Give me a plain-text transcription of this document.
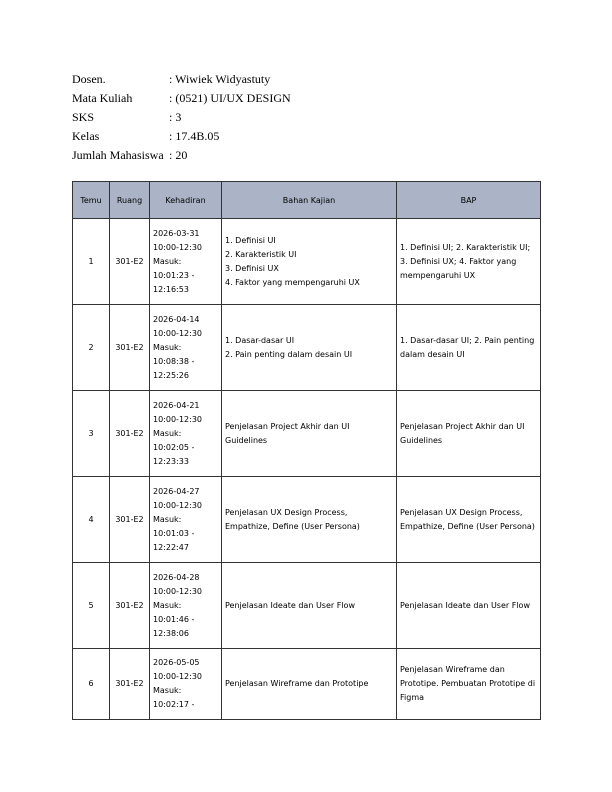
Dosen.	: Wiwiek Widyastuty
Mata Kuliah	: (0521) UI/UX DESIGN
SKS	: 3
Kelas	: 17.4B.05
Jumlah Mahasiswa : 20
Temu	Ruang	Kehadiran	Bahan Kajian	BAP
1	301-E2	2026-03-31
10:00-12:30
Masuk:
10:01:23 -
12:16:53	1. Definisi UI
2. Karakteristik UI
3. Definisi UX
4. Faktor yang mempengaruhi UX	1. Definisi UI; 2. Karakteristik UI; 3. Definisi UX; 4. Faktor yang mempengaruhi UX

2	301-E2	2026-04-14
10:00-12:30
Masuk:
10:08:38 -
12:25:26	1. Dasar-dasar UI
2. Pain penting dalam desain UI	1. Dasar-dasar UI; 2. Pain penting dalam desain UI

3	301-E2	2026-04-21
10:00-12:30
Masuk:
10:02:05 -
12:23:33	Penjelasan Project Akhir dan UI Guidelines	Penjelasan Project Akhir dan UI Guidelines

4	301-E2	2026-04-27
10:00-12:30
Masuk:
10:01:03 -
12:22:47	Penjelasan UX Design Process, Empathize, Define (User Persona)	Penjelasan UX Design Process, Empathize, Define (User Persona)

5	301-E2	2026-04-28
10:00-12:30
Masuk:
10:01:46 -
12:38:06	Penjelasan Ideate dan User Flow	Penjelasan Ideate dan User Flow

6	301-E2	2026-05-05
10:00-12:30
Masuk:
10:02:17 -	Penjelasan Wireframe dan Prototipe	Penjelasan Wireframe dan Prototipe. Pembuatan Prototipe di Figma
